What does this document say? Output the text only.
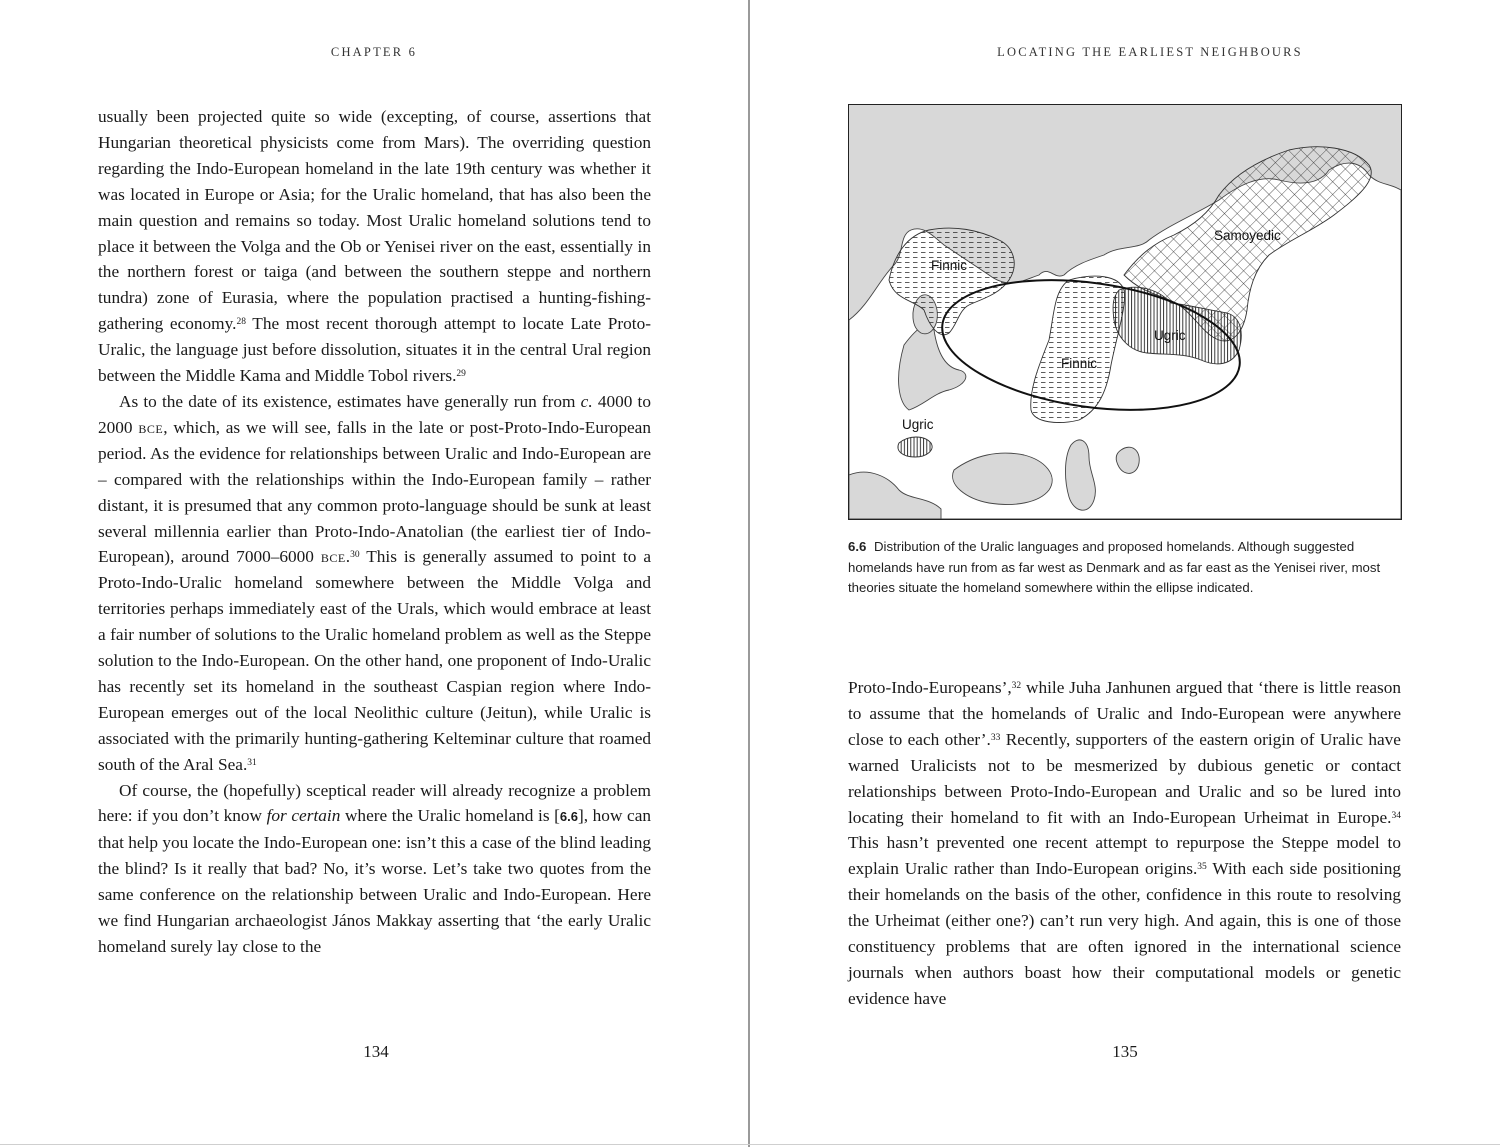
CHAPTER 6

usually been projected quite so wide (excepting, of course, assertions that Hungarian theoretical physicists come from Mars). The overriding question regarding the Indo-European homeland in the late 19th century was whether it was located in Europe or Asia; for the Uralic homeland, that has also been the main question and remains so today. Most Uralic homeland solutions tend to place it between the Volga and the Ob or Yenisei river on the east, essentially in the northern forest or taiga (and between the southern steppe and northern tundra) zone of Eurasia, where the population practised a hunting-fishing-gathering economy.$^{28}$ The most recent thorough attempt to locate Late Proto-Uralic, the language just before dissolution, situates it in the central Ural region between the Middle Kama and Middle Tobol rivers.$^{29}$

As to the date of its existence, estimates have generally run from c. 4000 to 2000 bce, which, as we will see, falls in the late or post-Proto-Indo-European period. As the evidence for relationships between Uralic and Indo-European are – compared with the relationships within the Indo-European family – rather distant, it is presumed that any common proto-language should be sunk at least several millennia earlier than Proto-Indo-Anatolian (the earliest tier of Indo-European), around 7000–6000 bce.$^{30}$ This is generally assumed to point to a Proto-Indo-Uralic homeland somewhere between the Middle Volga and territories perhaps immediately east of the Urals, which would embrace at least a fair number of solutions to the Uralic homeland problem as well as the Steppe solution to the Indo-European. On the other hand, one proponent of Indo-Uralic has recently set its homeland in the southeast Caspian region where Indo-European emerges out of the local Neolithic culture (Jeitun), while Uralic is associated with the primarily hunting-gathering Kelteminar culture that roamed south of the Aral Sea.$^{31}$

Of course, the (hopefully) sceptical reader will already recognize a problem here: if you don’t know for certain where the Uralic homeland is [6.6], how can that help you locate the Indo-European one: isn’t this a case of the blind leading the blind? Is it really that bad? No, it’s worse. Let’s take two quotes from the same conference on the relationship between Uralic and Indo-European. Here we find Hungarian archaeologist János Makkay asserting that ‘the early Uralic homeland surely lay close to the

134
LOCATING THE EARLIEST NEIGHBOURS
Finnic
Samoyedic
Ugric
Finnic
Ugric
6.6 Distribution of the Uralic languages and proposed homelands. Although suggested homelands have run from as far west as Denmark and as far east as the Yenisei river, most theories situate the homeland somewhere within the ellipse indicated.

Proto-Indo-Europeans’,$^{32}$ while Juha Janhunen argued that ‘there is little reason to assume that the homelands of Uralic and Indo-European were anywhere close to each other’.$^{33}$ Recently, supporters of the eastern origin of Uralic have warned Uralicists not to be mesmerized by dubious genetic or contact relationships between Proto-Indo-European and Uralic and so be lured into locating their homeland to fit with an Indo-European Urheimat in Europe.$^{34}$ This hasn’t prevented one recent attempt to repurpose the Steppe model to explain Uralic rather than Indo-European origins.$^{35}$ With each side positioning their homelands on the basis of the other, confidence in this route to resolving the Urheimat (either one?) can’t run very high. And again, this is one of those constituency problems that are often ignored in the international science journals when authors boast how their computational models or genetic evidence have

135
